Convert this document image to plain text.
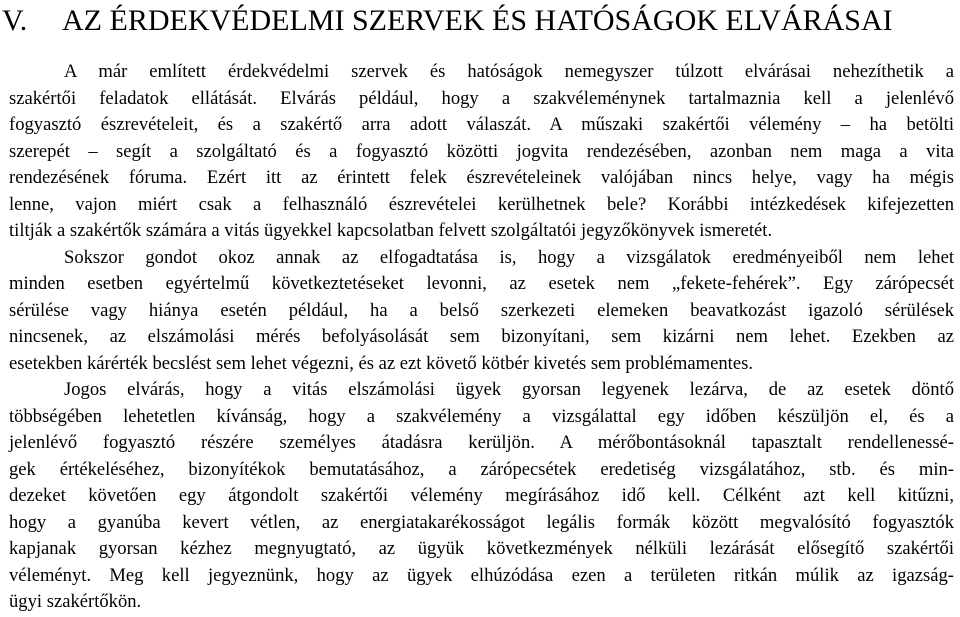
V. AZ ÉRDEKVÉDELMI SZERVEK ÉS HATÓSÁGOK ELVÁRÁSAI
A már említett érdekvédelmi szervek és hatóságok nemegyszer túlzott elvárásai nehezíthetik a
szakértői feladatok ellátását. Elvárás például, hogy a szakvéleménynek tartalmaznia kell a jelenlévő
fogyasztó észrevételeit, és a szakértő arra adott válaszát. A műszaki szakértői vélemény – ha betölti
szerepét – segít a szolgáltató és a fogyasztó közötti jogvita rendezésében, azonban nem maga a vita
rendezésének fóruma. Ezért itt az érintett felek észrevételeinek valójában nincs helye, vagy ha mégis
lenne, vajon miért csak a felhasználó észrevételei kerülhetnek bele? Korábbi intézkedések kifejezetten
tiltják a szakértők számára a vitás ügyekkel kapcsolatban felvett szolgáltatói jegyzőkönyvek ismeretét.
Sokszor gondot okoz annak az elfogadtatása is, hogy a vizsgálatok eredményeiből nem lehet
minden esetben egyértelmű következtetéseket levonni, az esetek nem „fekete-fehérek”. Egy zárópecsét
sérülése vagy hiánya esetén például, ha a belső szerkezeti elemeken beavatkozást igazoló sérülések
nincsenek, az elszámolási mérés befolyásolását sem bizonyítani, sem kizárni nem lehet. Ezekben az
esetekben kárérték becslést sem lehet végezni, és az ezt követő kötbér kivetés sem problémamentes.
Jogos elvárás, hogy a vitás elszámolási ügyek gyorsan legyenek lezárva, de az esetek döntő
többségében lehetetlen kívánság, hogy a szakvélemény a vizsgálattal egy időben készüljön el, és a
jelenlévő fogyasztó részére személyes átadásra kerüljön. A mérőbontásoknál tapasztalt rendellenessé-
gek értékeléséhez, bizonyítékok bemutatásához, a zárópecsétek eredetiség vizsgálatához, stb. és min-
dezeket követően egy átgondolt szakértői vélemény megírásához idő kell. Célként azt kell kitűzni,
hogy a gyanúba kevert vétlen, az energiatakarékosságot legális formák között megvalósító fogyasztók
kapjanak gyorsan kézhez megnyugtató, az ügyük következmények nélküli lezárását elősegítő szakértői
véleményt. Meg kell jegyeznünk, hogy az ügyek elhúzódása ezen a területen ritkán múlik az igazság-
ügyi szakértőkön.
